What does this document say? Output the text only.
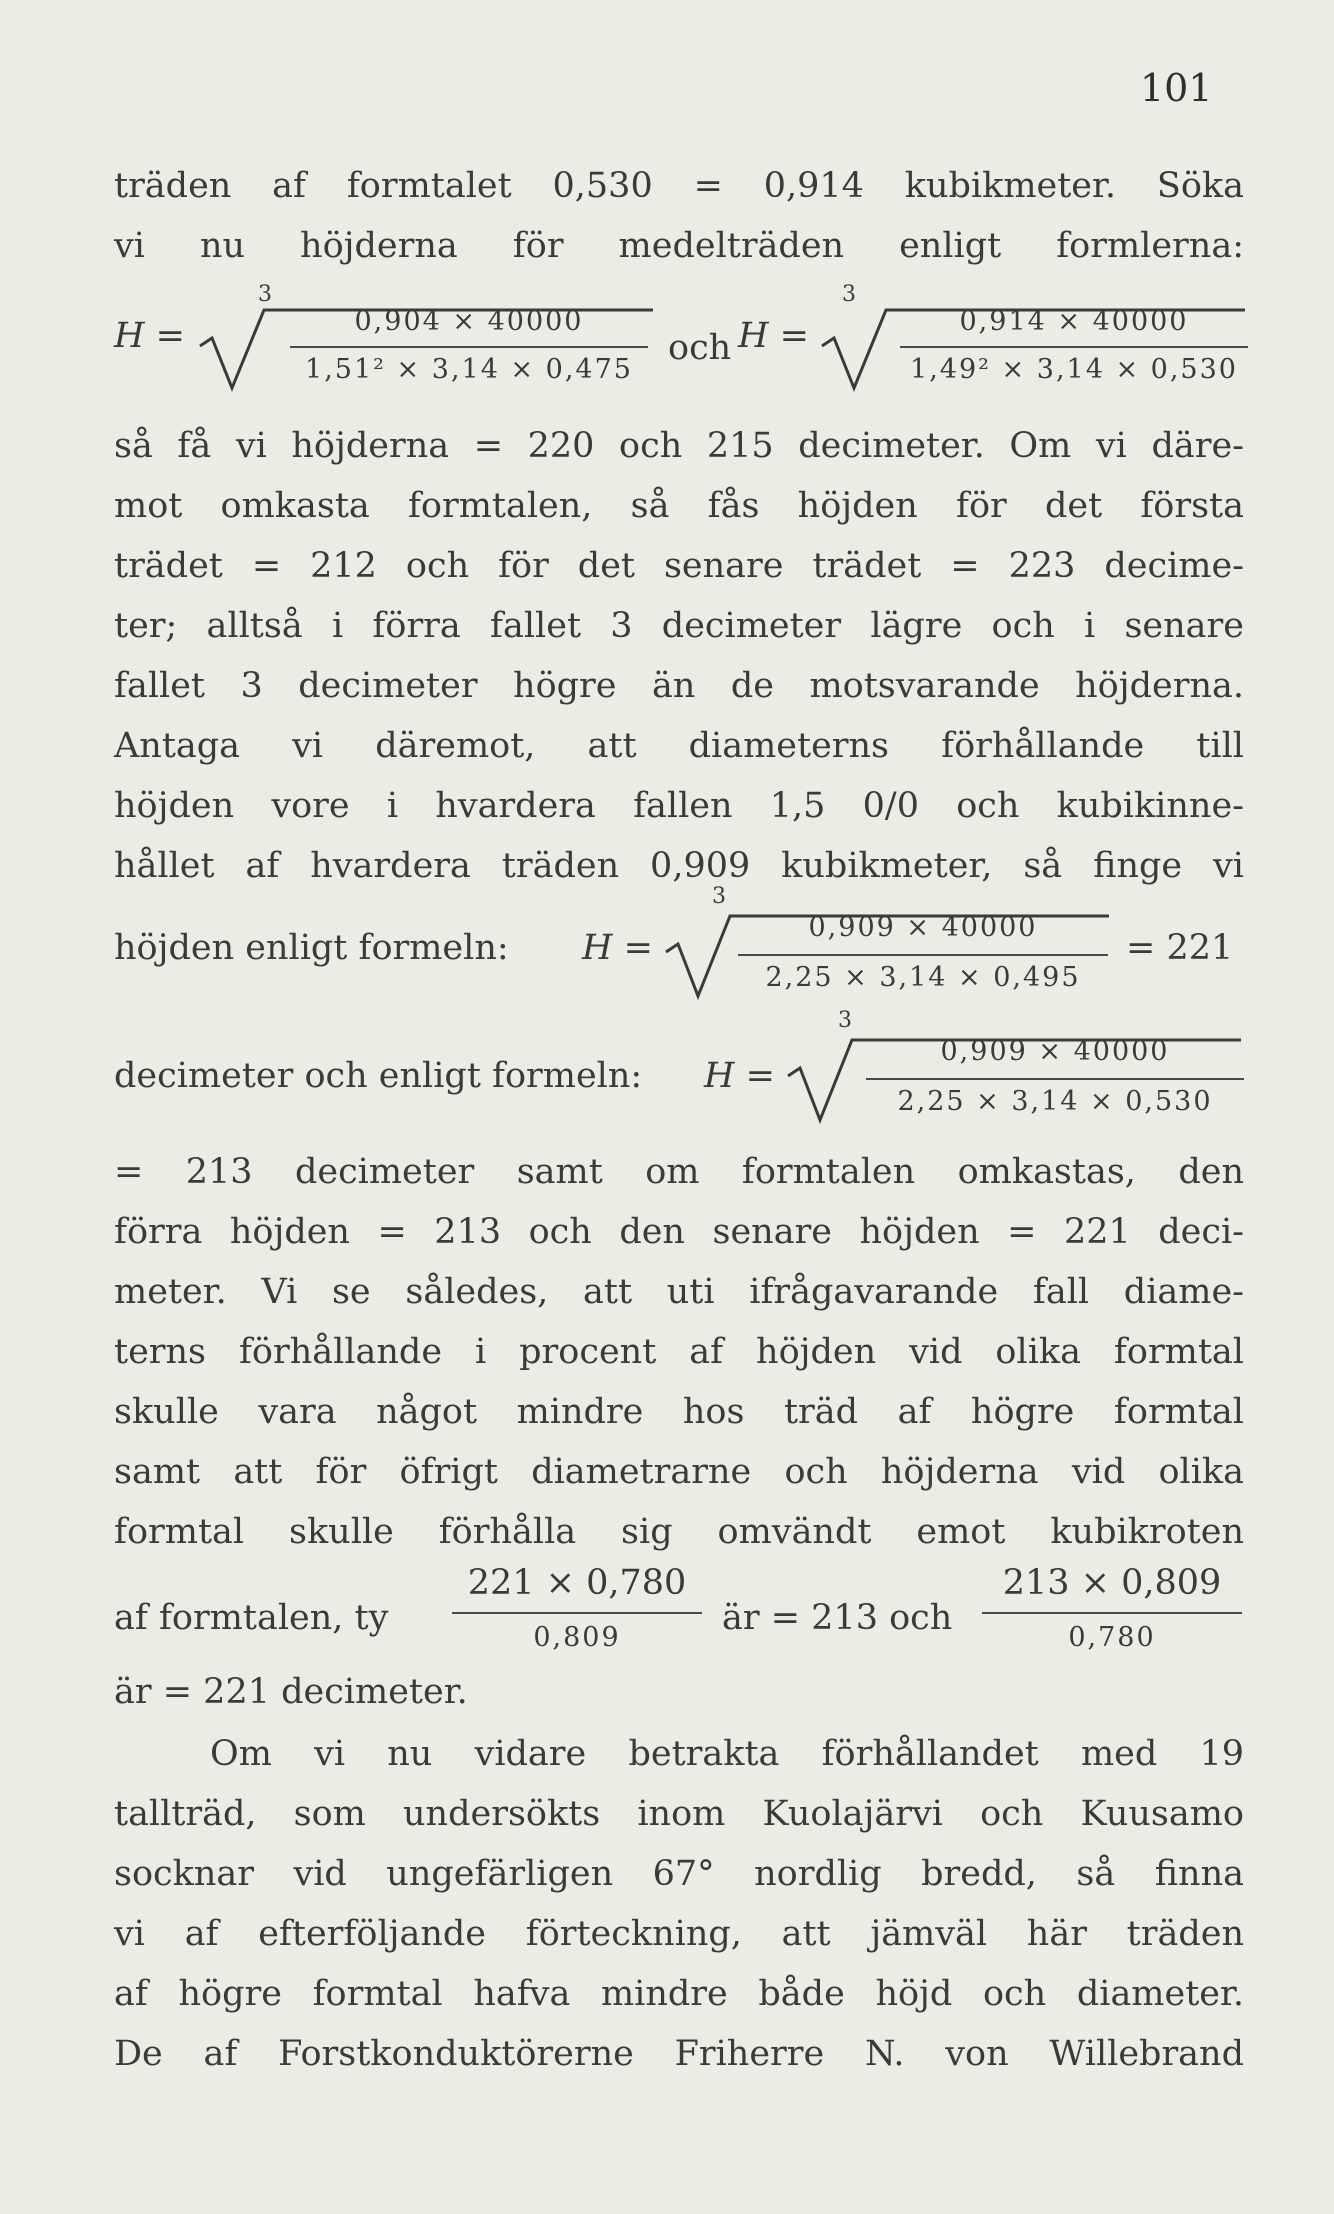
101
träden af formtalet 0,530 = 0,914 kubikmeter. Söka
vi nu höjderna för medelträden enligt formlerna:
H =
3
0,904 × 40000
1,51² × 3,14 × 0,475
och H =
3
0,914 × 40000
1,49² × 3,14 × 0,530
så få vi höjderna = 220 och 215 decimeter. Om vi däre-
mot omkasta formtalen, så fås höjden för det första
trädet = 212 och för det senare trädet = 223 decime-
ter; alltså i förra fallet 3 decimeter lägre och i senare
fallet 3 decimeter högre än de motsvarande höjderna.
Antaga vi däremot, att diameterns förhållande till
höjden vore i hvardera fallen 1,5 0/0 och kubikinne-
hållet af hvardera träden 0,909 kubikmeter, så finge vi
höjden enligt formeln: H =
3
0,909 × 40000
2,25 × 3,14 × 0,495
= 221
decimeter och enligt formeln: H =
3
0,909 × 40000
2,25 × 3,14 × 0,530
= 213 decimeter samt om formtalen omkastas, den
förra höjden = 213 och den senare höjden = 221 deci-
meter. Vi se således, att uti ifrågavarande fall diame-
terns förhållande i procent af höjden vid olika formtal
skulle vara något mindre hos träd af högre formtal
samt att för öfrigt diametrarne och höjderna vid olika
formtal skulle förhålla sig omvändt emot kubikroten
af formtalen, ty
221 × 0,780
0,809	är = 213 och
213 × 0,809
0,780
är = 221 decimeter.
Om vi nu vidare betrakta förhållandet med 19
tallträd, som undersökts inom Kuolajärvi och Kuusamo
socknar vid ungefärligen 67° nordlig bredd, så finna
vi af efterföljande förteckning, att jämväl här träden
af högre formtal hafva mindre både höjd och diameter.
De af Forstkonduktörerne Friherre N. von Willebrand
